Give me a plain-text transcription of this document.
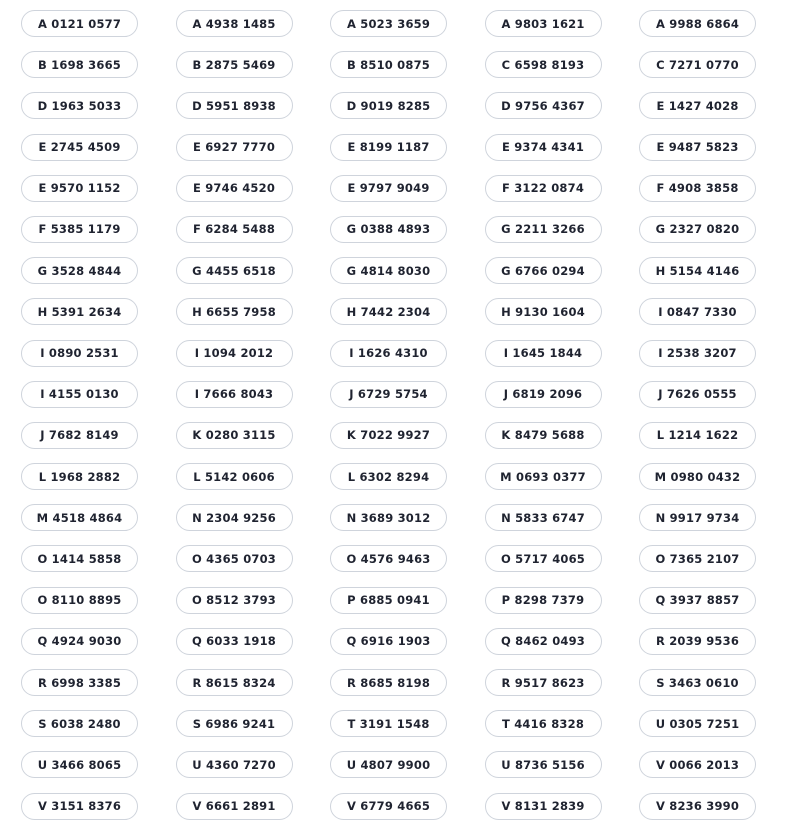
A 0121 0577	A 4938 1485	A 5023 3659	A 9803 1621	A 9988 6864
B 1698 3665	B 2875 5469	B 8510 0875	C 6598 8193	C 7271 0770
D 1963 5033	D 5951 8938	D 9019 8285	D 9756 4367	E 1427 4028
E 2745 4509	E 6927 7770	E 8199 1187	E 9374 4341	E 9487 5823
E 9570 1152	E 9746 4520	E 9797 9049	F 3122 0874	F 4908 3858
F 5385 1179	F 6284 5488	G 0388 4893	G 2211 3266	G 2327 0820
G 3528 4844	G 4455 6518	G 4814 8030	G 6766 0294	H 5154 4146
H 5391 2634	H 6655 7958	H 7442 2304	H 9130 1604	I 0847 7330
I 0890 2531	I 1094 2012	I 1626 4310	I 1645 1844	I 2538 3207
I 4155 0130	I 7666 8043	J 6729 5754	J 6819 2096	J 7626 0555
J 7682 8149	K 0280 3115	K 7022 9927	K 8479 5688	L 1214 1622
L 1968 2882	L 5142 0606	L 6302 8294	M 0693 0377	M 0980 0432
M 4518 4864	N 2304 9256	N 3689 3012	N 5833 6747	N 9917 9734
O 1414 5858	O 4365 0703	O 4576 9463	O 5717 4065	O 7365 2107
O 8110 8895	O 8512 3793	P 6885 0941	P 8298 7379	Q 3937 8857
Q 4924 9030	Q 6033 1918	Q 6916 1903	Q 8462 0493	R 2039 9536
R 6998 3385	R 8615 8324	R 8685 8198	R 9517 8623	S 3463 0610
S 6038 2480	S 6986 9241	T 3191 1548	T 4416 8328	U 0305 7251
U 3466 8065	U 4360 7270	U 4807 9900	U 8736 5156	V 0066 2013
V 3151 8376	V 6661 2891	V 6779 4665	V 8131 2839	V 8236 3990
